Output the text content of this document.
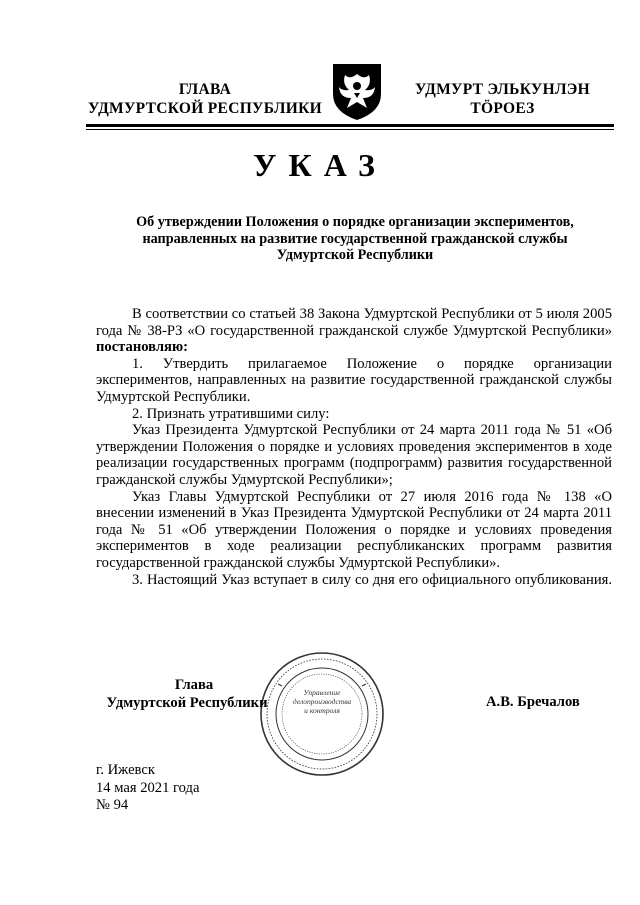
ГЛАВА
УДМУРТСКОЙ РЕСПУБЛИКИ
УДМУРТ ЭЛЬКУНЛЭН
ТӦРОЕЗ
УКАЗ
Об утверждении Положения о порядке организации экспериментов,
направленных на развитие государственной гражданской службы
Удмуртской Республики

В соответствии со статьей 38 Закона Удмуртской Республики от 5 июля 2005 года № 38-РЗ «О государственной гражданской службе Удмуртской Республики» постановляю:

1. Утвердить прилагаемое Положение о порядке организации экспериментов, направленных на развитие государственной гражданской службы Удмуртской Республики.

2. Признать утратившими силу:

Указ Президента Удмуртской Республики от 24 марта 2011 года № 51 «Об утверждении Положения о порядке и условиях проведения экспериментов в ходе реализации государственных программ (подпрограмм) развития государственной гражданской службы Удмуртской Республики»;

Указ Главы Удмуртской Республики от 27 июля 2016 года № 138 «О внесении изменений в Указ Президента Удмуртской Республики от 24 марта 2011 года № 51 «Об утверждении Положения о порядке и условиях проведения экспериментов в ходе реализации республиканских программ развития государственной гражданской службы Удмуртской Республики».

3. Настоящий Указ вступает в силу со дня его официального опубликования.

Управление
делопроизводства
и контроля
Глава
Удмуртской Республики	А.В. Бречалов
г. Ижевск
14 мая 2021 года
№ 94
